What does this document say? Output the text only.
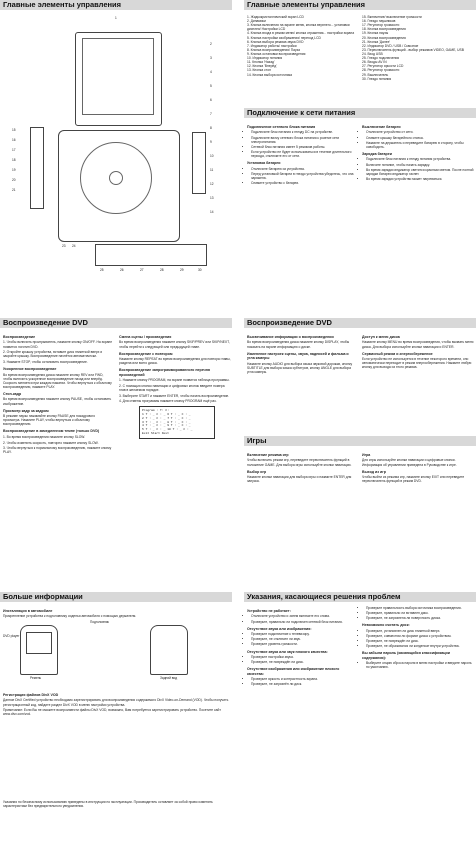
Главные элементы управления
1
15
16
17
18
19
20
21
2
3
4
5
6
7
8
9
10
11
12
13
14
23 24
25	26	27	28	29	30
Главные элементы управления
1. Жидкокристаллический экран LCD
2. Динамики
3. Кнопка включения на экране меню, кнопка верхнего... установки дисплея/ Настройки LCD
4. Кнопка входа в режим меню/ кнопка отражения... настройки экрана
5. Кнопка настройки изображения/ переход LCD
6. Кнопка выбора режима звука DVD
7. Индикатор работы/ настройки
8. Кнопка воспроизведения/ Пауза
9. Кнопка остановки воспроизведения
10. Индикатор питания
11. Кнопка 'Назад'
12. Кнопка 'Вперёд'
13. Кнопка стоп
14. Кнопка выбора источника
15. Включение/ выключение громкости
16. Гнездо наушников
17. Регулятор громкости
18. Кнопка воспроизведения
19. Кнопка паузы
20. Кнопка воспроизведения
21. Кнопка 'Далее'
22. Индикатор DVD / USB / Сквозное
23. Переключатель функций - выбор режимов VIDEO, GAME, USB
24. Вход USB
25. Гнездо подключения
26. Входы AV IN
27. Регулятор яркости LCD
28. Регулятор громкости
29. Выключатель
30. Гнездо питания
Подключение к сети питания
Подключение сетевого блока питания
• Подключите блок питания к гнезду DC на устройстве.
• Подключите вилку сетевого блока питания к розетке сети электропитания.
• Сетевой блок питания имеет 5 режимов работы.
• Если устройство не будет использоваться в течение длительного периода, отключите его от сети.
Установка батареи
• Отключите батарею из устройства.
• Перед установкой батареи в гнездо устройства убедитесь, что она заряжена.
• Снимите устройство с батареи.
Выключение батареи
• Отключите устройство от сети.
• Снимите крышку батарейного отсека.
• Нажмите на держатель и переведите батарею в сторону, чтобы освободить.
Зарядка батареи
• Подключите блок питания к гнезду питания устройства.
• Включите питание, чтобы начать зарядку.
• Во время зарядки индикатор светится красным светом. После полной зарядки батареи индикатор гаснет.
• Во время зарядки устройство может нагреваться.
Воспроизведение DVD
Воспроизведение

1. Чтобы включить проигрыватель, нажмите кнопку ON/OFF. На экране появится логотип DVD.

2. Откройте крышку устройства, вставьте диск этикеткой вверх и закройте крышку. Воспроизведение начнётся автоматически.

3. Нажмите STOP, чтобы остановить воспроизведение.

Ускоренное воспроизведение

Во время воспроизведения диска нажмите кнопку REV или FWD, чтобы включить ускоренное воспроизведение назад или вперёд. Скорость меняется при каждом нажатии. Чтобы вернуться к обычному воспроизведению, нажмите PLAY.

Стоп-кадр

Во время воспроизведения нажмите кнопку PAUSE, чтобы остановить изображение.

Просмотр кадр за кадром

В режиме паузы нажимайте кнопку PAUSE для покадрового просмотра. Нажмите PLAY, чтобы вернуться к обычному воспроизведению.

Воспроизведение в замедленном темпе (только DVD)

1. Во время воспроизведения нажмите кнопку SLOW.

2. Чтобы изменить скорость, повторно нажмите кнопку SLOW.

3. Чтобы вернуться к нормальному воспроизведению, нажмите кнопку PLAY.

Смена сцены / произведения

Во время воспроизведения нажмите кнопку SKIP/PREV или SKIP/NEXT, чтобы перейти к следующей или предыдущей главе.

Воспроизведение с повтором

Нажмите кнопку REPEAT во время воспроизведения для повтора главы, раздела или всего диска.

Воспроизведение запрограммированного перечня произведений

1. Нажмите кнопку PROGRAM, на экране появится таблица программы.

2. С помощью кнопок навигации и цифровых кнопок введите номера глав в желаемом порядке.

3. Выберите START и нажмите ENTER, чтобы начать воспроизведение.

4. Для отмены программы нажмите кнопку PROGRAM ещё раз.

Program : T: C:
1 T : _ C : _ 6 T : _ C : _
2 T : _ C : _ 7 T : _ C : _
3 T : _ C : _ 8 T : _ C : _
4 T : _ C : _ 9 T : _ C : _
5 T : _ C : _ 10 T : _ C : _
Exit Start Next
Воспроизведение DVD
Высвечивание информации о воспроизведении

Во время воспроизведения диска нажмите кнопку DISPLAY, чтобы показать на экране информацию о диске.

Изменение настроек сцены, звука, надписей и фильма и угла камеры

Нажмите кнопку AUDIO для выбора языка звуковой дорожки, кнопку SUBTITLE для выбора языка субтитров, кнопку ANGLE для выбора угла камеры.

Доступ к меню диска

Нажмите кнопку MENU во время воспроизведения, чтобы вызвать меню диска. Для выбора используйте кнопки навигации и ENTER.

Сервисный режим и энергосбережение

Если устройство не используется в течение некоторого времени, оно автоматически переходит в режим энергосбережения. Нажмите любую кнопку для выхода из этого режима.

Игры
Включение режима игр

Чтобы включить режим игр, переведите переключатель функций в положение GAME. Для выбора игры используйте кнопки навигации.

Выбор игр

Нажмите кнопки навигации для выбора игры и нажмите ENTER для запуска.

Игра

Для игры используйте кнопки навигации и цифровые кнопки. Информация об управлении приведена в Руководстве к игре.

Выход из игр

Чтобы выйти из режима игр, нажмите кнопку EXIT или переведите переключатель функций в режим DVD.

Больше информации
Инсталляция в автомобиле

Прикрепление устройства к подголовнику сиденья автомобиля с помощью держателя.

Подголовник
DVD player
Ремень	Задний вид
Регистрация файлов DivX VOD

Данное DivX Certified устройство необходимо зарегистрировать для воспроизведения содержимого DivX Video-on-Demand (VOD). Чтобы получить регистрационный код, найдите раздел DivX VOD в меню настройки устройства.

Примечание: Если Вы не сможете воспроизвести файлы DivX VOD, возможно, Вам потребуется зарегистрировать устройство. Посетите сайт www.divx.com/vod.

Указания по безопасному использованию приведены в инструкции по эксплуатации. Производитель оставляет за собой право изменять характеристики без предварительного уведомления.

Указания, касающиеся решения проблем
Устройство не работает:
• Отключите устройство и затем включите его снова.
• Проверьте, правильно ли подключен сетевой блок питания.
Отсутствие звука или изображения:
• Проверьте подключение к телевизору.
• Проверьте, не отключен ли звук.
• Проверьте уровень громкости.
Отсутствие звука или звук плохого качества:
• Проверьте настройки звука.
• Проверьте, не повреждён ли диск.
Отсутствие изображения или изображение плохого качества:
• Проверьте яркость и контрастность экрана.
• Проверьте, не загрязнён ли диск.
• Проверьте правильность выбора источника воспроизведения.
• Проверьте, правильно ли вставлен диск.
• Проверьте, не загрязнена ли поверхность диска.
Невозможно считать диск:
• Проверьте, установлен ли диск этикеткой вверх.
• Проверьте, совместим ли формат диска с устройством.
• Проверьте, не повреждён ли диск.
• Проверьте, не образовался ли конденсат внутри устройства.
Вы забыли пароль (касающийся классификации содержания):
• Выберите опцию сброса пароля в меню настройки и введите пароль по умолчанию.
